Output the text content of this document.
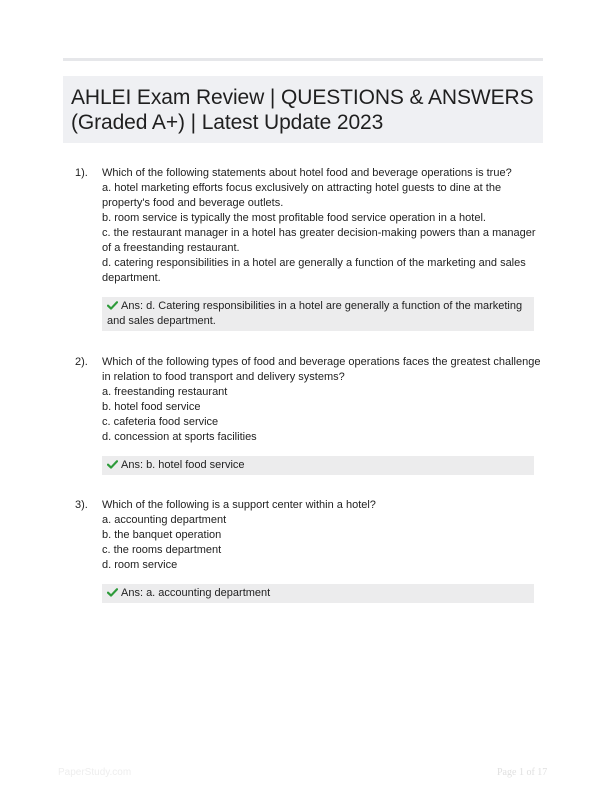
AHLEI Exam Review | QUESTIONS & ANSWERS
(Graded A+) | Latest Update 2023
1). Which of the following statements about hotel food and beverage operations is true?

a. hotel marketing efforts focus exclusively on attracting hotel guests to dine at the property's food and beverage outlets.

b. room service is typically the most profitable food service operation in a hotel.

c. the restaurant manager in a hotel has greater decision-making powers than a manager of a freestanding restaurant.

d. catering responsibilities in a hotel are generally a function of the marketing and sales department.

Ans: d. Catering responsibilities in a hotel are generally a function of the marketing and sales department.
2). Which of the following types of food and beverage operations faces the greatest challenge in relation to food transport and delivery systems?

a. freestanding restaurant

b. hotel food service

c. cafeteria food service

d. concession at sports facilities

Ans: b. hotel food service
3). Which of the following is a support center within a hotel?

a. accounting department

b. the banquet operation

c. the rooms department

d. room service

Ans: a. accounting department
PaperStudy.com	Page 1 of 17
